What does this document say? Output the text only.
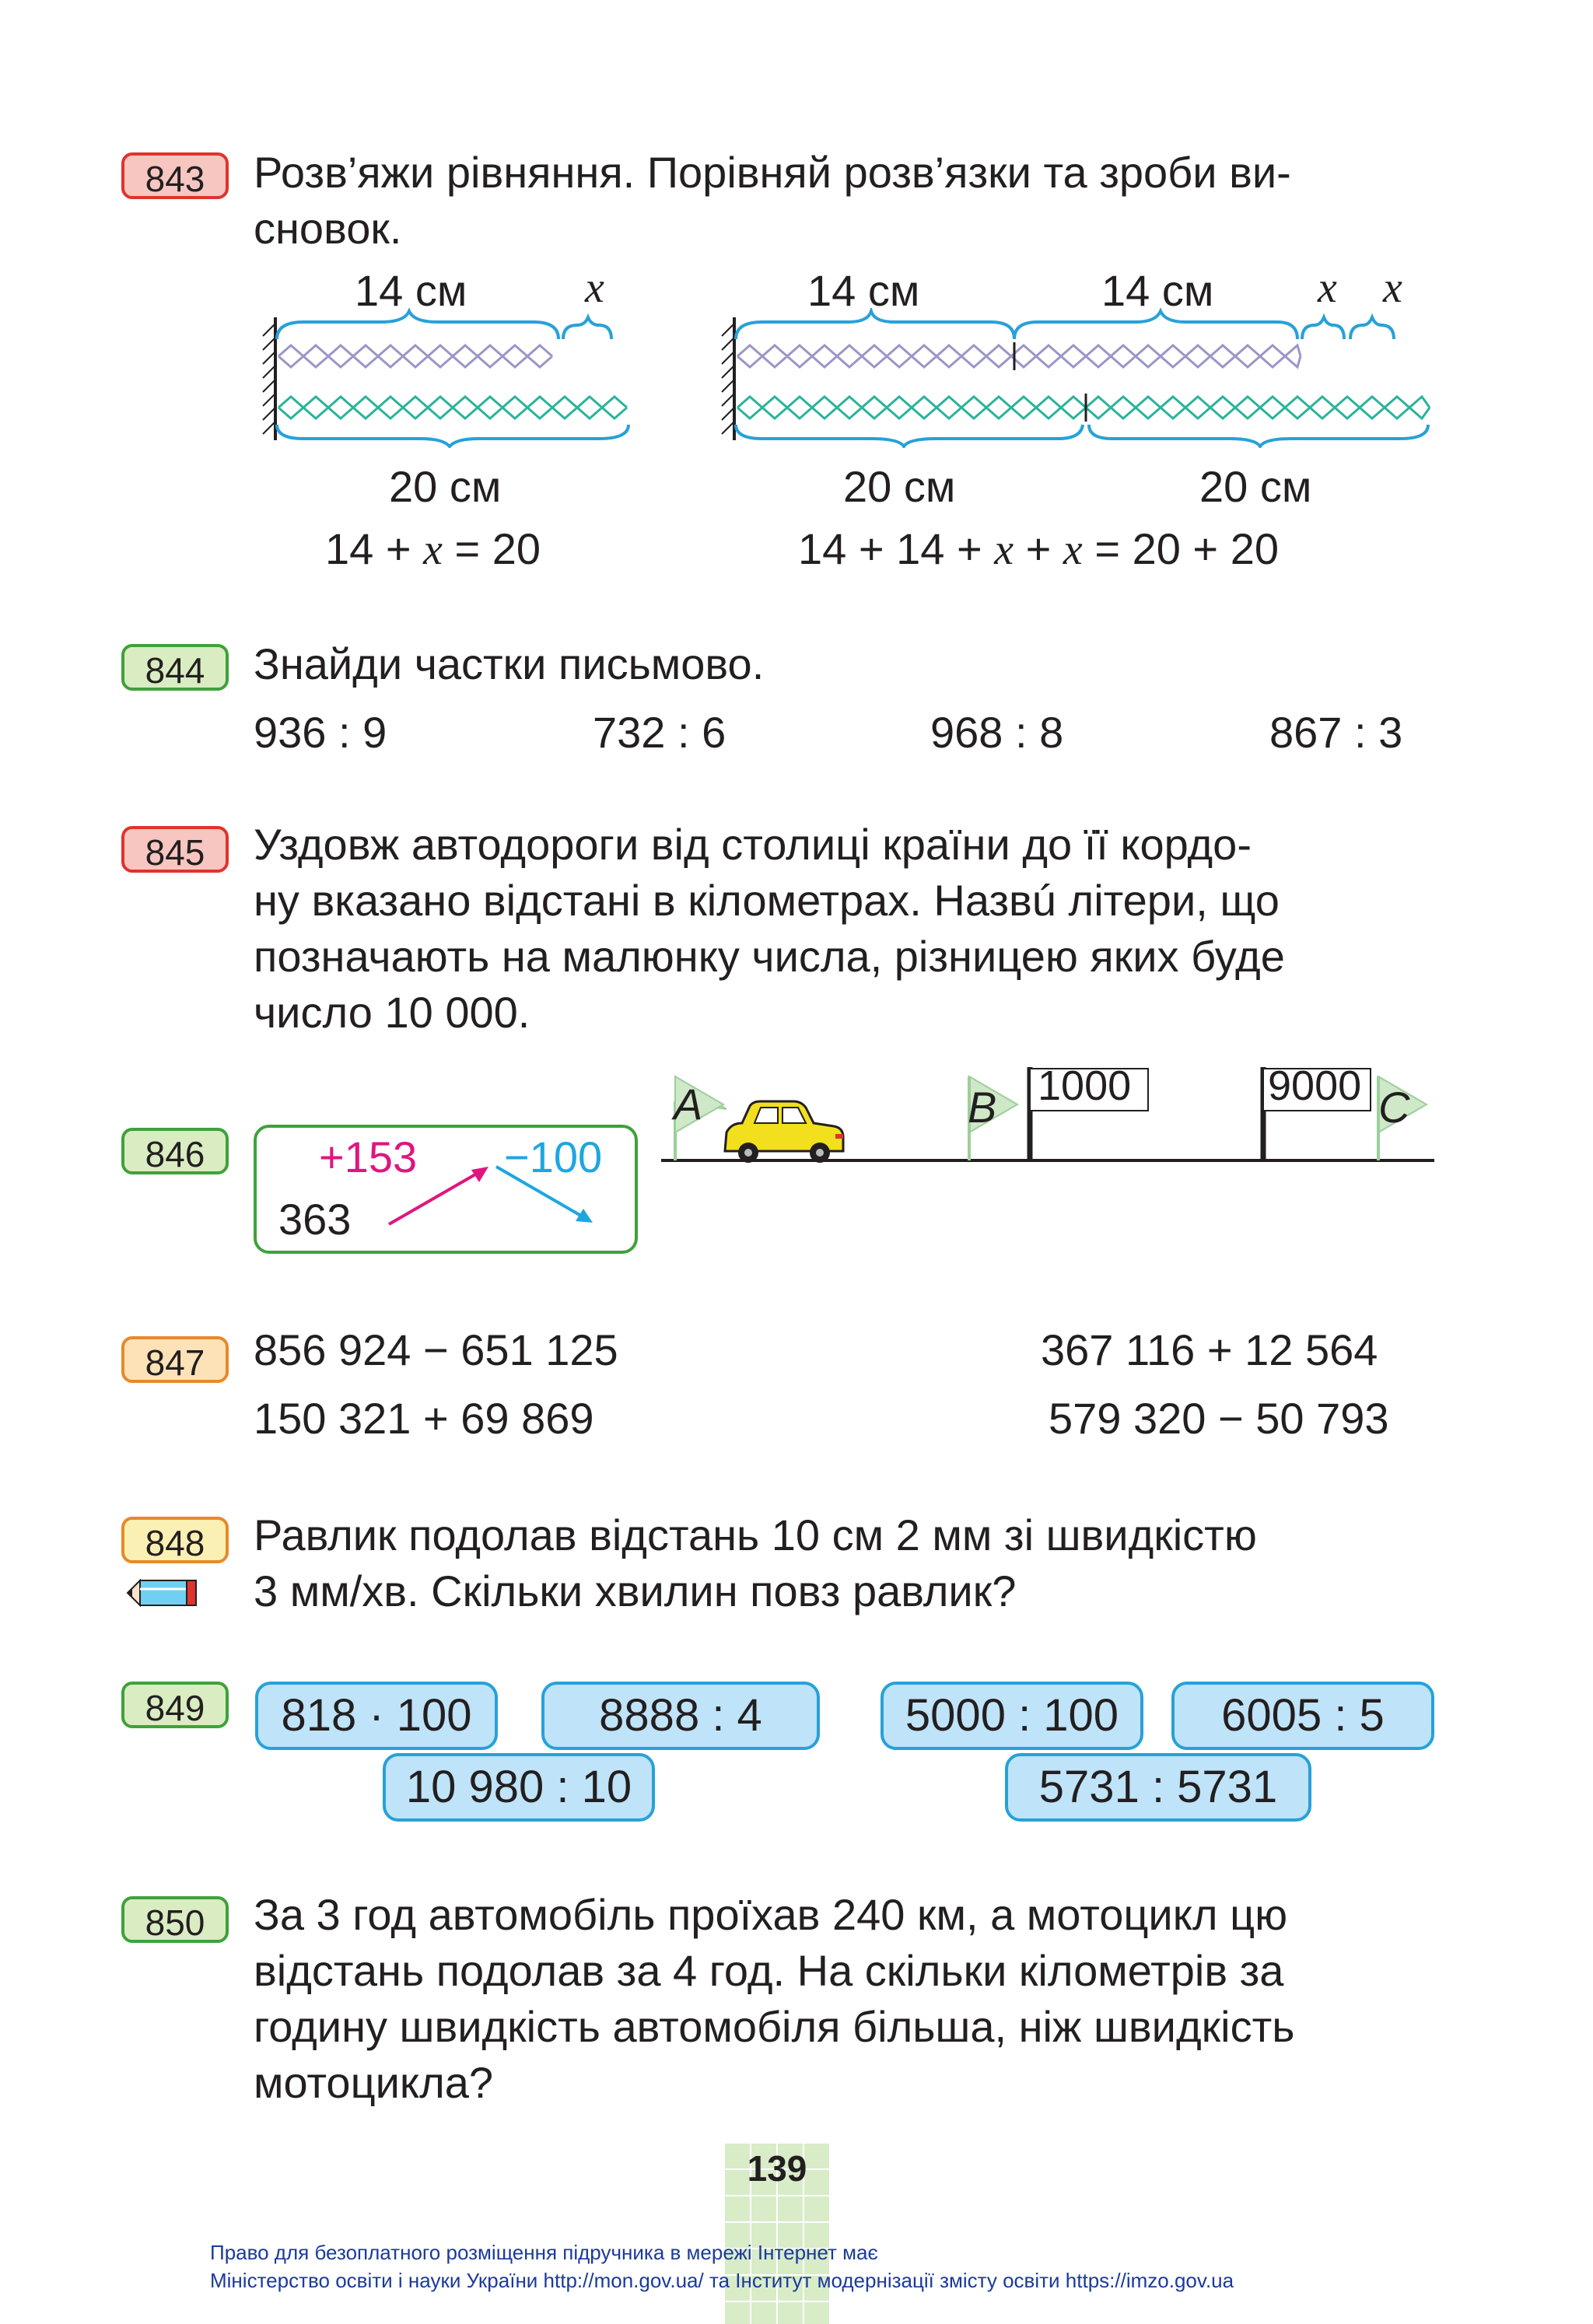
843	Розв’яжи рівняння. Порівняй розв’язки та зроби ви-
сновок.
14 см	x
20 см
14 + x = 20
14 см	14 см x x
20 см	20 см
14 + 14 + x + x = 20 + 20
844	Знайди частки письмово.
936 : 9	732 : 6	968 : 8	867 : 3
845	Уздовж автодороги від столиці країни до її кордо-
ну вказано відстані в кілометрах. Назвú літери, що
позначають на малюнку числа, різницею яких буде
число 10 000.
A	B	C
1000	9000
846	+153 −100
363
847	856 924 − 651 125	367 116 + 12 564
150 321 + 69 869	579 320 − 50 793
848	Равлик подолав відстань 10 см 2 мм зі швидкістю
3 мм/хв. Скільки хвилин повз равлик?
849	818 · 100	8888 : 4
10 980 : 10
5000 : 100	6005 : 5
5731 : 5731
850	За 3 год автомобіль проїхав 240 км, а мотоцикл цю
відстань подолав за 4 год. На скільки кілометрів за
годину швидкість автомобіля більша, ніж швидкість
мотоцикла?
139
Право для безоплатного розміщення підручника в мережі Інтернет має
Міністерство освіти і науки України http://mon.gov.ua/ та Інститут модернізації змісту освіти https://imzo.gov.ua
